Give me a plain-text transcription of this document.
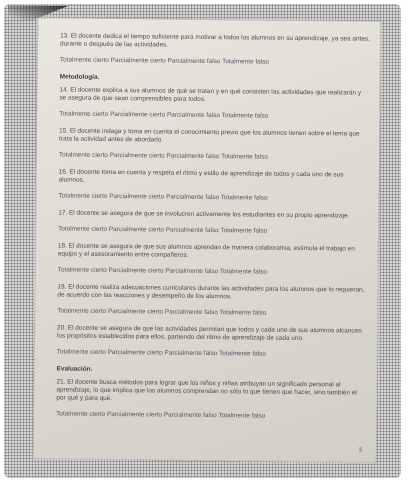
13. El docente dedica el tiempo suficiente para motivar a todos los alumnos en su aprendizaje, ya sea antes, durante o después de las actividades.
Totalmente cierto Parcialmente cierto Parcialmente falso Totalmente falso
Metodología.
14. El docente explica a sus alumnos de qué se tratan y en qué consisten las actividades que realizarán y se asegura de que sean comprensibles para todos.
Totalmente cierto Parcialmente cierto Parcialmente falso Totalmente falso
15. El docente indaga y toma en cuenta el conocimiento previo que los alumnos tienen sobre el tema que trata la actividad antes de abordarlo.
Totalmente cierto Parcialmente cierto Parcialmente falso Totalmente falso
16. El docente toma en cuenta y respeta el ritmo y estilo de aprendizaje de todos y cada uno de sus alumnos.
Totalmente cierto Parcialmente cierto Parcialmente falso Totalmente falso
17. El docente se asegura de que se involucren activamente los estudiantes en su propio aprendizaje.
Totalmente cierto Parcialmente cierto Parcialmente falso Totalmente falso
18. El docente se asegura de que sus alumnos aprendan de manera colaborativa, estimula el trabajo en equipo y el asesoramiento entre compañeros.
Totalmente cierto Parcialmente cierto Parcialmente falso Totalmente falso
19. El docente realiza adecuaciones curriculares durante las actividades para los alumnos que lo requieran, de acuerdo con las reacciones y desempeño de los alumnos.
Totalmente cierto Parcialmente cierto Parcialmente falso Totalmente falso
20. El docente se asegura de que las actividades permitan que todos y cada uno de sus alumnos alcancen los propósitos establecidos para ellos, partiendo del ritmo de aprendizaje de cada uno.
Totalmente cierto Parcialmente cierto Parcialmente falso Totalmente falso
Evaluación.
21. El docente busca métodos para lograr que los niños y niñas atribuyan un significado personal al aprendizaje, lo que implica que los alumnos comprendan no sólo lo que tienen que hacer, sino también el por qué y para qué.
Totalmente cierto Parcialmente cierto Parcialmente falso Totalmente falso
3
